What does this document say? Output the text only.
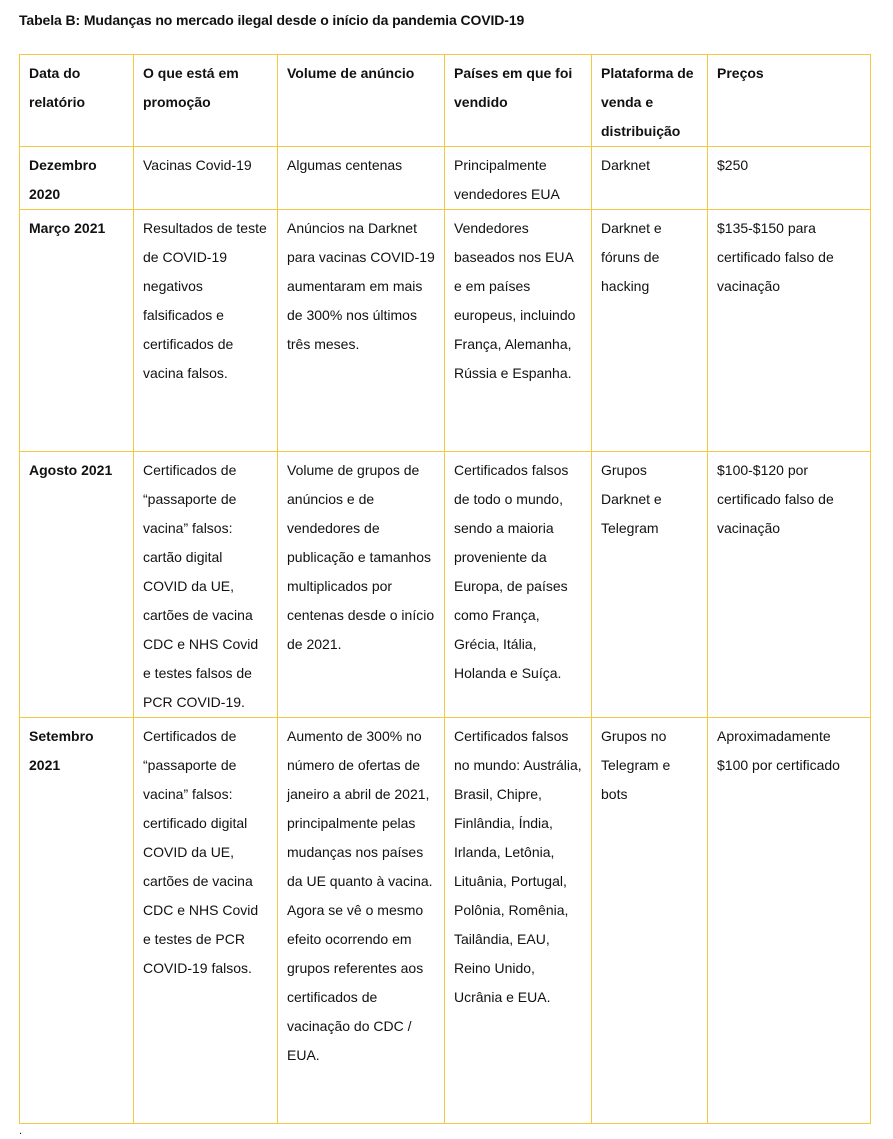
Tabela B: Mudanças no mercado ilegal desde o início da pandemia COVID-19
Data do relatório	O que está em promoção	Volume de anúncio	Países em que foi vendido	Plataforma de venda e distribuição	Preços
Dezembro 2020	Vacinas Covid-19	Algumas centenas	Principalmente vendedores EUA	Darknet	$250
Março 2021	Resultados de teste de COVID-19 negativos falsificados e certificados de vacina falsos.	Anúncios na Darknet para vacinas COVID-19 aumentaram em mais de 300% nos últimos três meses.	Vendedores baseados nos EUA e em países europeus, incluindo França, Alemanha, Rússia e Espanha.	Darknet e fóruns de hacking	$135-$150 para certificado falso de vacinação
Agosto 2021	Certificados de “passaporte de vacina” falsos: cartão digital COVID da UE, cartões de vacina CDC e NHS Covid e testes falsos de PCR COVID-19.	Volume de grupos de anúncios e de vendedores de publicação e tamanhos multiplicados por centenas desde o início de 2021.	Certificados falsos de todo o mundo, sendo a maioria proveniente da Europa, de países como França, Grécia, Itália, Holanda e Suíça.	Grupos Darknet e Telegram	$100-$120 por certificado falso de vacinação
Setembro 2021	Certificados de “passaporte de vacina” falsos: certificado digital COVID da UE, cartões de vacina CDC e NHS Covid e testes de PCR COVID-19 falsos.	Aumento de 300% no número de ofertas de janeiro a abril de 2021, principalmente pelas mudanças nos países da UE quanto à vacina. Agora se vê o mesmo efeito ocorrendo em grupos referentes aos certificados de vacinação do CDC / EUA.	Certificados falsos no mundo: Austrália, Brasil, Chipre, Finlândia, Índia, Irlanda, Letônia, Lituânia, Portugal, Polônia, Romênia, Tailândia, EAU, Reino Unido, Ucrânia e EUA.	Grupos no Telegram e bots	Aproximadamente $100 por certificado
.
